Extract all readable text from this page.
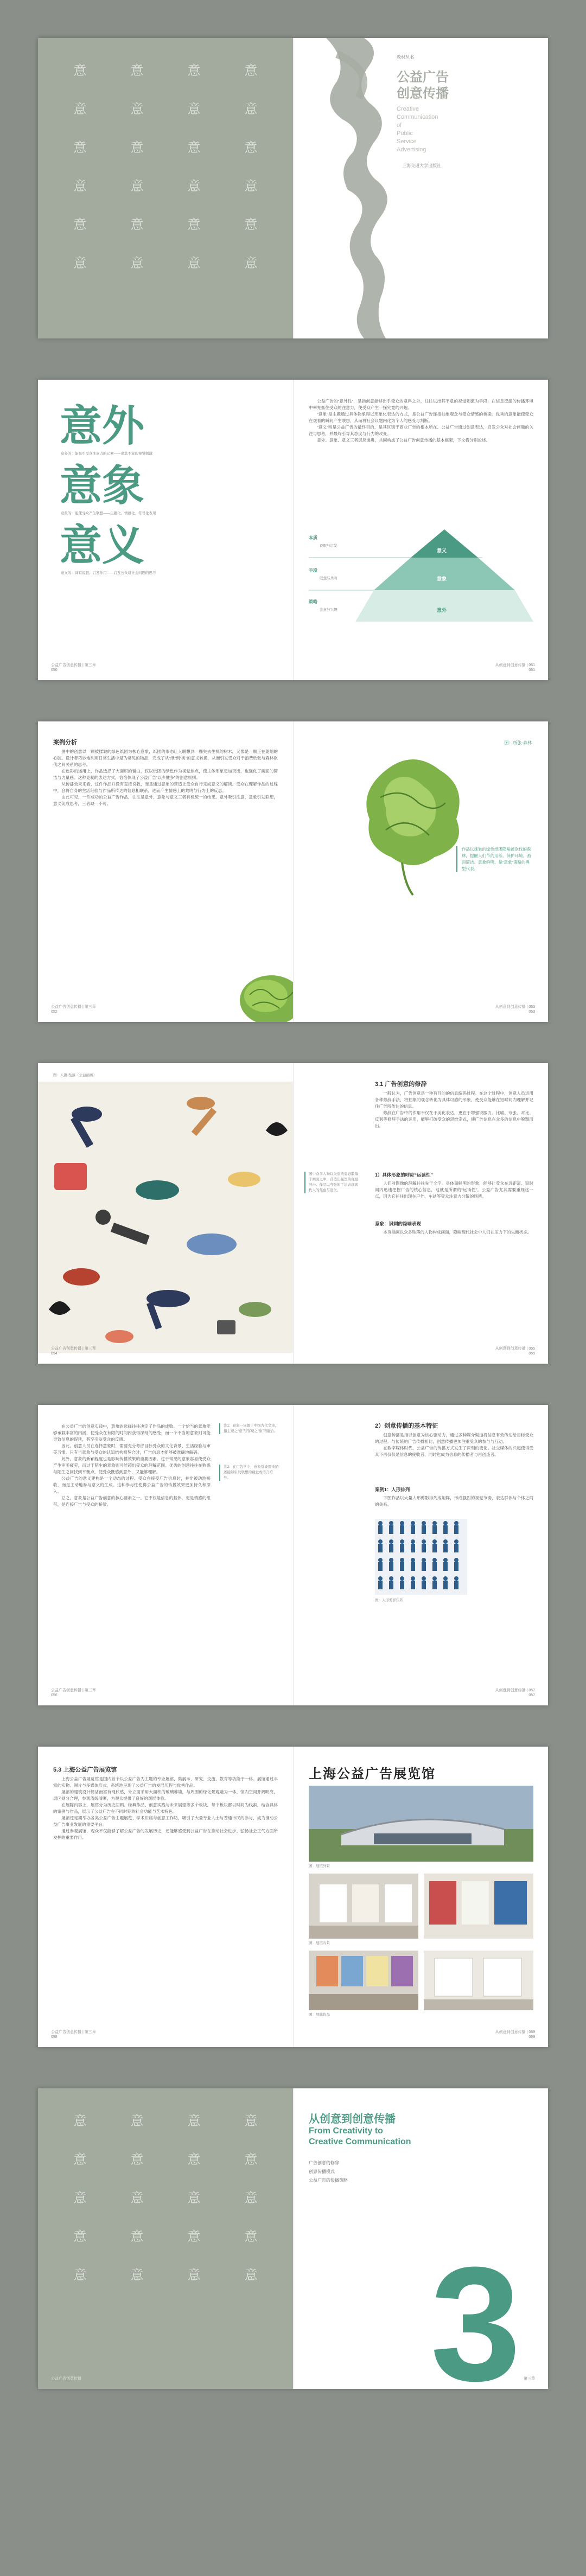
意	意	意	意
意	意	意	意
意	意	意	意
意	意	意	意
意	意	意	意
意	意	意	意
教材丛书
公益广告
创意传播
Creative
Communication
of
Public
Service
Advertising
上海交通大学出版社
意外
意外的：能吸引受众注意力的元素——出其不意的视觉刺激
意象
意象的：能使受众产生联想——主题化、情感化、符号化表现
意义
意义的：具有说服、启发作用——启发公众对社会问题的思考
公益广告创意传播 | 第三章
050

公益广告的“意外性”，是指创意能够出乎受众的意料之外，往往以出其不意的视觉刺激为手段，在信息泛滥的传播环境中率先抓住受众的注意力，使受众产生一探究竟的兴趣。

“意象”是主题通过具体物象得以形象化表达的方式，是公益广告连接抽象观念与受众情感的桥梁。优秀的意象能使受众在观看的瞬间产生联想，从而将社会议题内化为个人的感受与判断。

“意义”则是公益广告的最终目的，是其区别于商业广告的根本所在。公益广告通过创意表达，启发公众对社会问题的关注与思考，并最终引导其态度与行为的改变。

意外、意象、意义三者层层递进，共同构成了公益广告创意传播的基本框架，下文将分别论述。

本质
手段
策略
意义
意象
意外
说服与启发
联想与共鸣
注意与兴趣
从创意到创意传播 | 051
051
案例分析

图中的创意以一颗被揉皱的绿色纸团为核心意象，纸团的形态让人联想到一棵失去生机的树木，又像是一颗正在萎缩的心脏。设计者巧妙地利用日常生活中最为常见的物品，完成了从“纸”到“树”的意义转换，从而引发受众对于浪费纸张与森林砍伐之间关系的思考。

在色彩的运用上，作品选择了大面积的留白，仅以纸团的绿色作为视觉焦点，使主体形象更加突出，也强化了画面的简洁与力量感。这种克制的表达方式，恰恰体现了公益广告“以少胜多”的创意原则。

从传播效果来看，这件作品并没有直接说教，而是通过意象的营造让受众自行完成意义的解读。受众在理解作品的过程中，会将自身的生活经验与作品所传达的信息相联系，进而产生情感上的共鸣与行为上的反思。

由此可见，一件成功的公益广告作品，往往是意外、意象与意义三者有机统一的结果。意外吸引注意，意象引发联想，意义促成思考，三者缺一不可。

公益广告创意传播 | 第三章
052
图：纸张·森林
作品以揉皱的绿色纸团隐喻被砍伐的森林，提醒人们节约用纸、保护环境。画面简洁、意象鲜明，是“意象”策略的典型代表。
从创意到创意传播 | 053
053
图：人群·坠落（公益插画）
公益广告创意传播 | 第三章
054
图中众多人物以失重的姿态散落于画面之中，营造出强烈的视觉冲击。作品以夸张的手法表现现代人的焦虑与迷失。
3.1 广告创意的修辞

一般认为，广告创意是一种有目的的信息编码过程。在这个过程中，创意人员运用各种修辞手法，将抽象的观念转化为具体可感的形象，使受众能够在短时间内理解并记住广告所传达的信息。

修辞在广告中的作用不仅在于美化表达，更在于增强说服力。比喻、夸张、对比、反讽等修辞手法的运用，能够打破受众的思维定式，使广告信息在众多的信息中脱颖而出。

1）具体形象的呼应“远读性”
人们对图像的理解往往先于文字。具体而鲜明的形象，能够让受众在远距离、短时间内迅速把握广告的核心信息，这就是所谓的“远读性”。公益广告尤其需要重视这一点，因为它往往出现在户外、车站等受众注意力分散的场所。
意象：讽刺的隐喻表现
本页插画以众多坠落的人物构成画面，隐喻现代社会中人们在压力下的失衡状态。
从创意到创意传播 | 055
055

在公益广告的创意实践中，意象的选择往往决定了作品的成败。一个恰当的意象能够承载丰富的内涵，使受众在有限的时间内获得深刻的感受；而一个不当的意象则可能导致信息的误读，甚至引发受众的反感。

因此，创意人员在选择意象时，需要充分考虑目标受众的文化背景、生活经验与审美习惯。只有当意象与受众的认知结构相契合时，广告信息才能够被准确地解码。

此外，意象的新颖程度也是影响传播效果的重要因素。过于常见的意象容易使受众产生审美疲劳，而过于陌生的意象则可能超出受众的理解范围。优秀的创意往往在熟悉与陌生之间找到平衡点，使受众既感到意外，又能够理解。

公益广告的意义建构是一个动态的过程。受众在接受广告信息时，并非被动地接收，而是主动地参与意义的生成。这种参与性使得公益广告的传播效果更加持久和深入。

总之，意象是公益广告创意的核心要素之一。它不仅是信息的载体，更是情感的纽带，是连接广告与受众的桥梁。

注1：意象一词源于中国古代文论，指主观之“意”与客观之“象”的融合。
注2：在广告学中，意象常被用来描述能够引发联想的视觉或语言符号。
公益广告创意传播 | 第三章
056
2）创意传播的基本特征

创意传播是指以创意为核心驱动力，通过多种媒介渠道将信息有效传达给目标受众的过程。与传统的广告传播相比，创意传播更加注重受众的参与与互动。

在数字媒体时代，公益广告的传播方式发生了深刻的变化。社交媒体的兴起使得受众不再仅仅是信息的接收者，同时也成为信息的传播者与再创造者。

案例1：人形排列
下图作品以大量人形剪影排列成矩阵，形成强烈的视觉节奏，表达群体与个体之间的关系。
图：人形剪影矩阵
从创意到创意传播 | 057
057
5.3 上海公益广告展览馆

上海公益广告展览馆是国内首个以公益广告为主题的专业展馆，集展示、研究、交流、教育等功能于一体。展馆通过丰富的实物、图片与多媒体形式，系统地呈现了公益广告的发展历程与优秀作品。

展馆的建筑设计简洁而富有现代感，外立面采用大面积的玻璃幕墙，与周围的绿化景观融为一体。馆内空间开阔明亮，展区划分合理，参观流线清晰，为观众提供了良好的观展体验。

在展陈内容上，展馆分为历史回顾、经典作品、创意实践与未来展望等多个板块。每个板块都以时间为线索，结合具体的案例与作品，展示了公益广告在不同时期的社会功能与艺术特色。

展馆还定期举办各类公益广告主题展览、学术讲座与创意工作坊，吸引了大量专业人士与普通市民的参与，成为推动公益广告事业发展的重要平台。

通过参观展馆，观众不仅能够了解公益广告的发展历史，还能够感受到公益广告在推动社会进步、弘扬社会正气方面所发挥的重要作用。

公益广告创意传播 | 第三章
058
上海公益广告展览馆
图：展馆外景
图：展馆内景
图：展陈作品
从创意到创意传播 | 059
059
意	意	意	意
意	意	意	意
意	意	意	意
意	意	意	意
意	意	意	意
公益广告创意传播
从创意到创意传播
From Creativity to
Creative Communication
广告创意的修辞
创意传播模式
公益广告的传播策略
3 第三章
